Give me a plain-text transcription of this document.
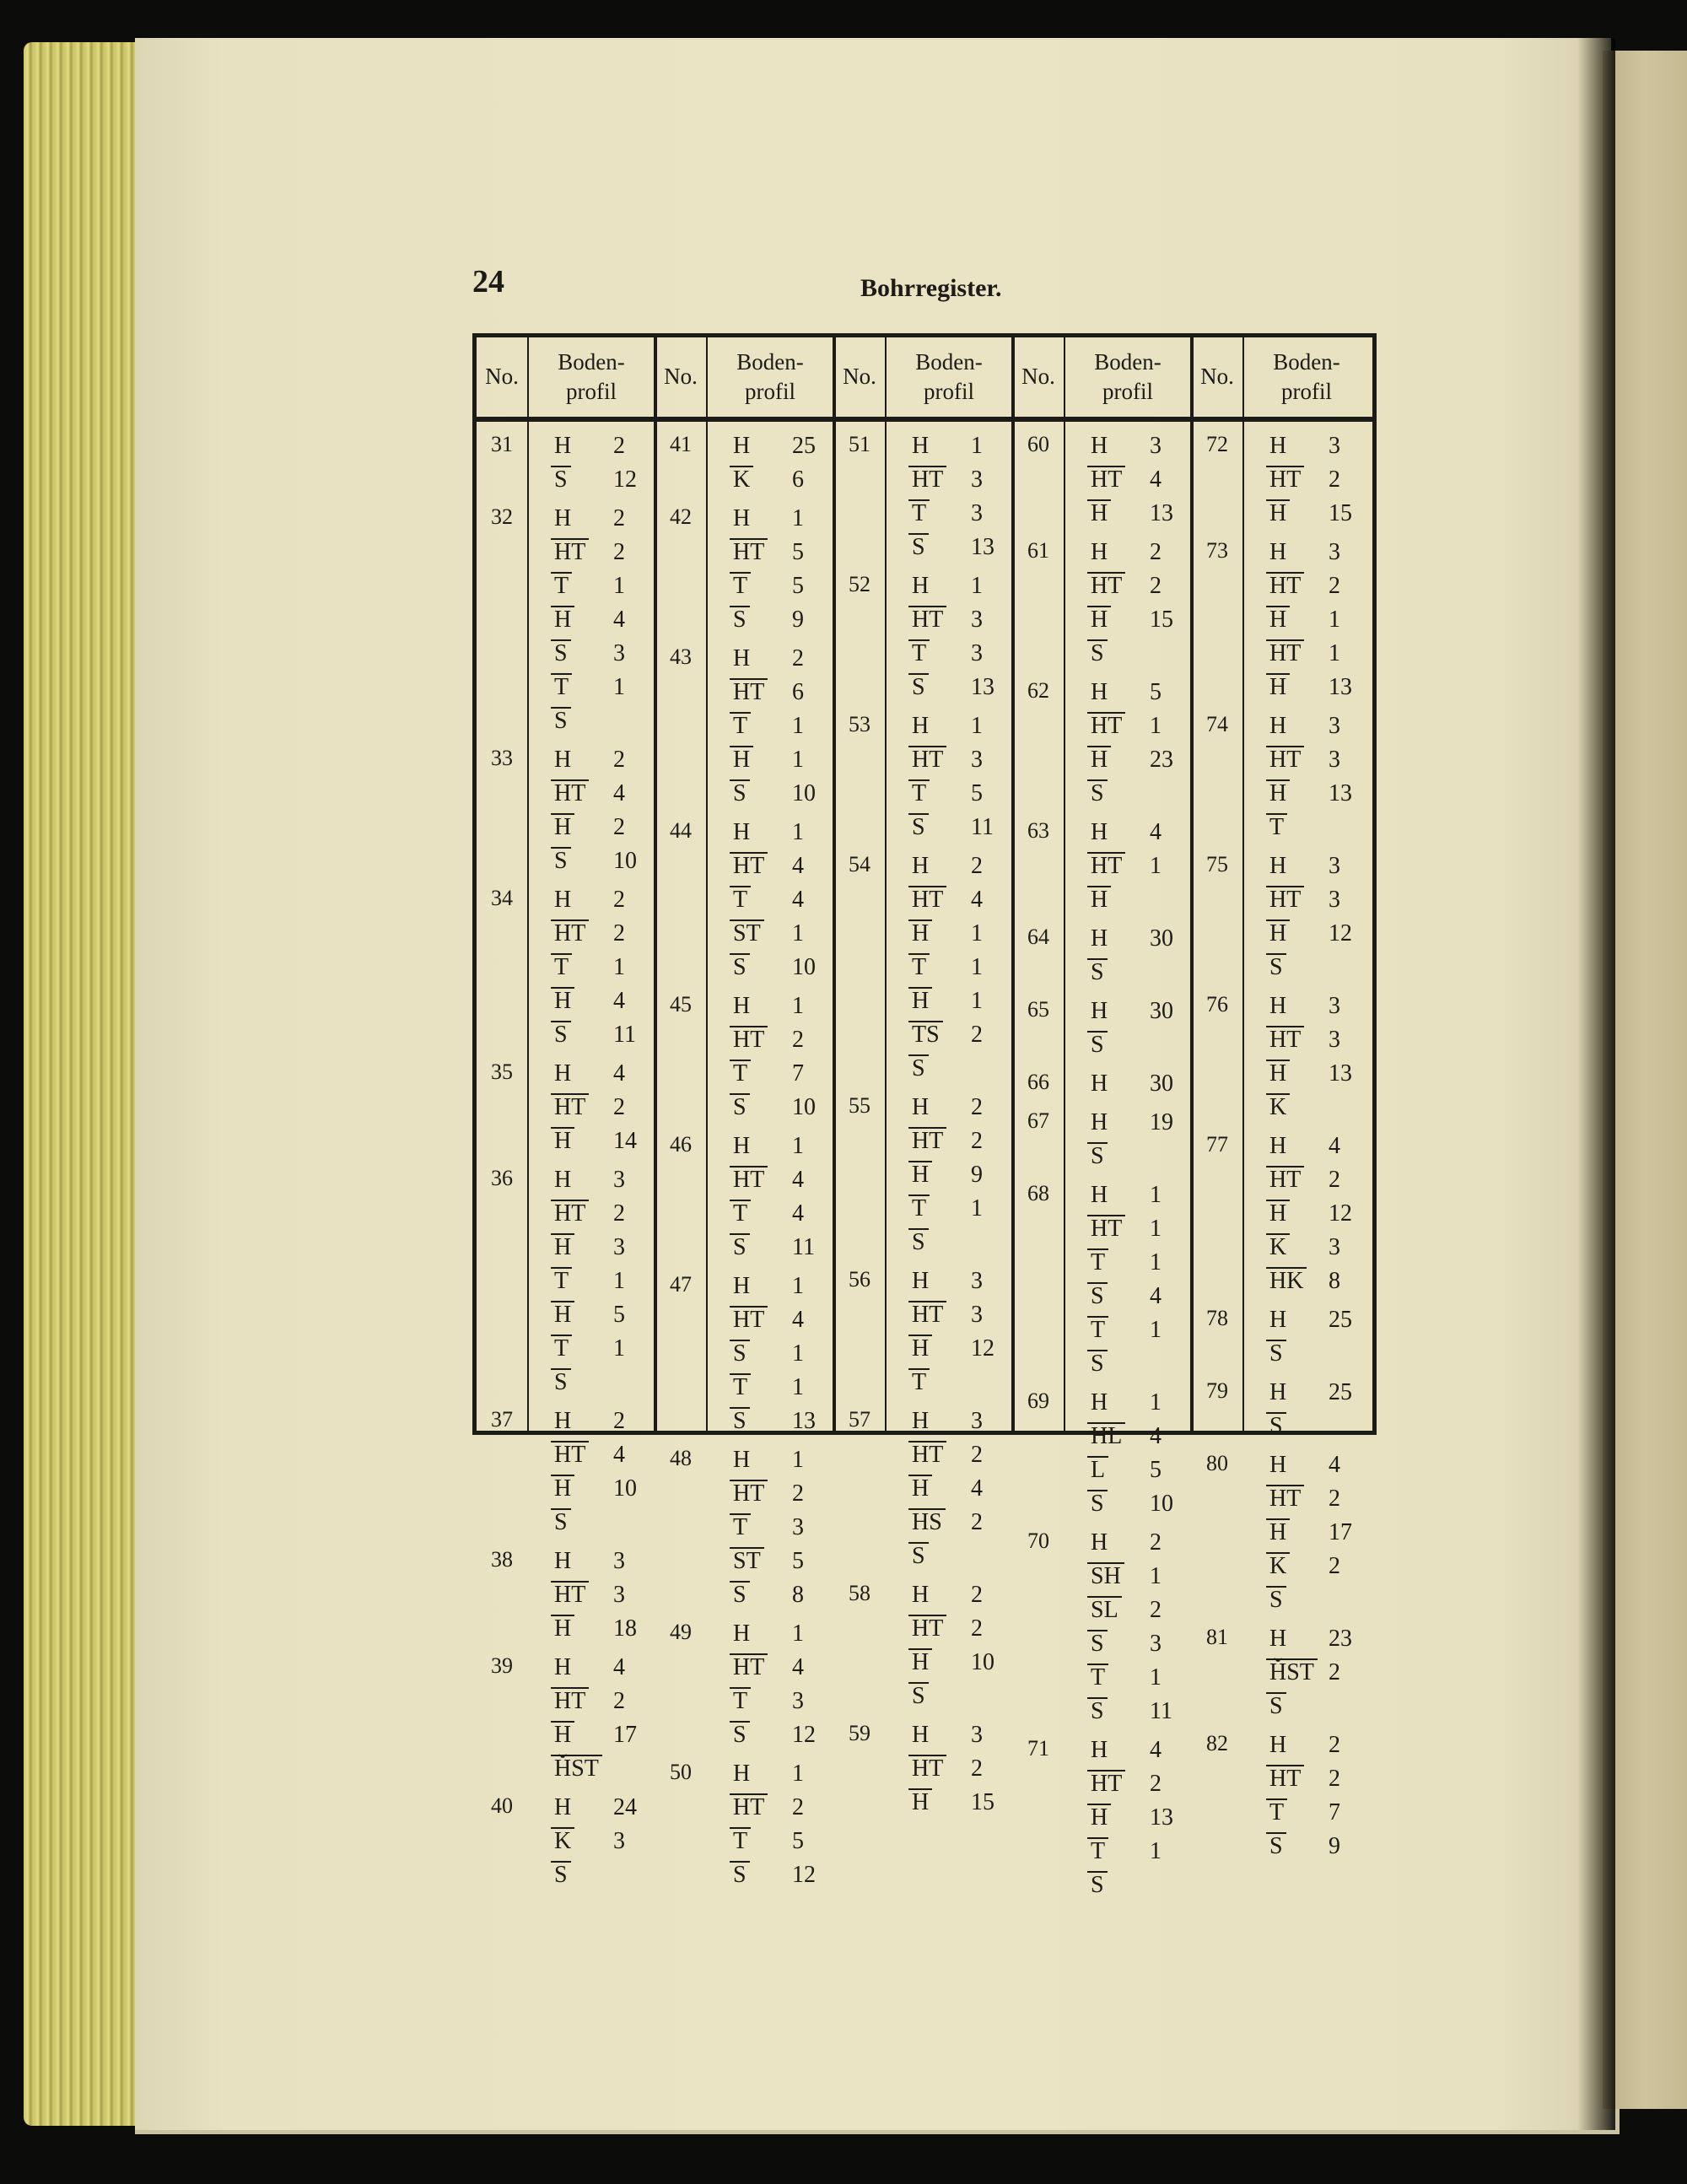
24	Bohrregister.
No.
Boden-
profil
31	H 2
S 12
32	H 2
HT 2
T 1
H 4
S 3
T 1
S
33	H 2
HT 4
H 2
S 10
34	H 2
HT 2
T 1
H 4
S 11
35	H 4
HT 2
H 14
36	H 3
HT 2
H 3
T 1
H 5
T 1
S
37	H 2
HT 4
H 10
S
38	H 3
HT 3
H 18
39	H 4
HT 2
H 17
ȞST
40	H 24
K 3
S
No.
Boden-
profil
41	H 25
K 6
42	H 1
HT 5
T 5
S 9
43	H 2
HT 6
T 1
H 1
S 10
44	H 1
HT 4
T 4
ST 1
S 10
45	H 1
HT 2
T 7
S 10
46	H 1
HT 4
T 4
S 11
47	H 1
HT 4
S 1
T 1
S 13
48	H 1
HT 2
T 3
ST 5
S 8
49	H 1
HT 4
T 3
S 12
50	H 1
HT 2
T 5
S 12
No.
Boden-
profil
51	H 1
HT 3
T 3
S 13
52	H 1
HT 3
T 3
S 13
53	H 1
HT 3
T 5
S 11
54	H 2
HT 4
H 1
T 1
H 1
TS 2
S
55	H 2
HT 2
H 9
T 1
S
56	H 3
HT 3
H 12
T
57	H 3
HT 2
H 4
HS 2
S
58	H 2
HT 2
H 10
S
59	H 3
HT 2
H 15
No.
Boden-
profil
60	H 3
HT 4
H 13
61	H 2
HT 2
H 15
S
62	H 5
HT 1
H 23
S
63	H 4
HT 1
H
64	H 30
S
65	H 30
S
66	H 30
67	H 19
S
68	H 1
HT 1
T 1
S 4
T 1
S
69	H 1
HL 4
L 5
S 10
70	H 2
SH 1
SL 2
S 3
T 1
S 11
71	H 4
HT 2
H 13
T 1
S
No.
Boden-
profil
72	H 3
HT 2
H 15
73	H 3
HT 2
H 1
HT 1
H 13
74	H 3
HT 3
H 13
T
75	H 3
HT 3
H 12
S
76	H 3
HT 3
H 13
K
77	H 4
HT 2
H 12
K 3
HK 8
78	H 25
S
79	H 25
S
80	H 4
HT 2
H 17
K 2
S
81	H 23
ȞST 2
S
82	H 2
HT 2
T 7
S 9
